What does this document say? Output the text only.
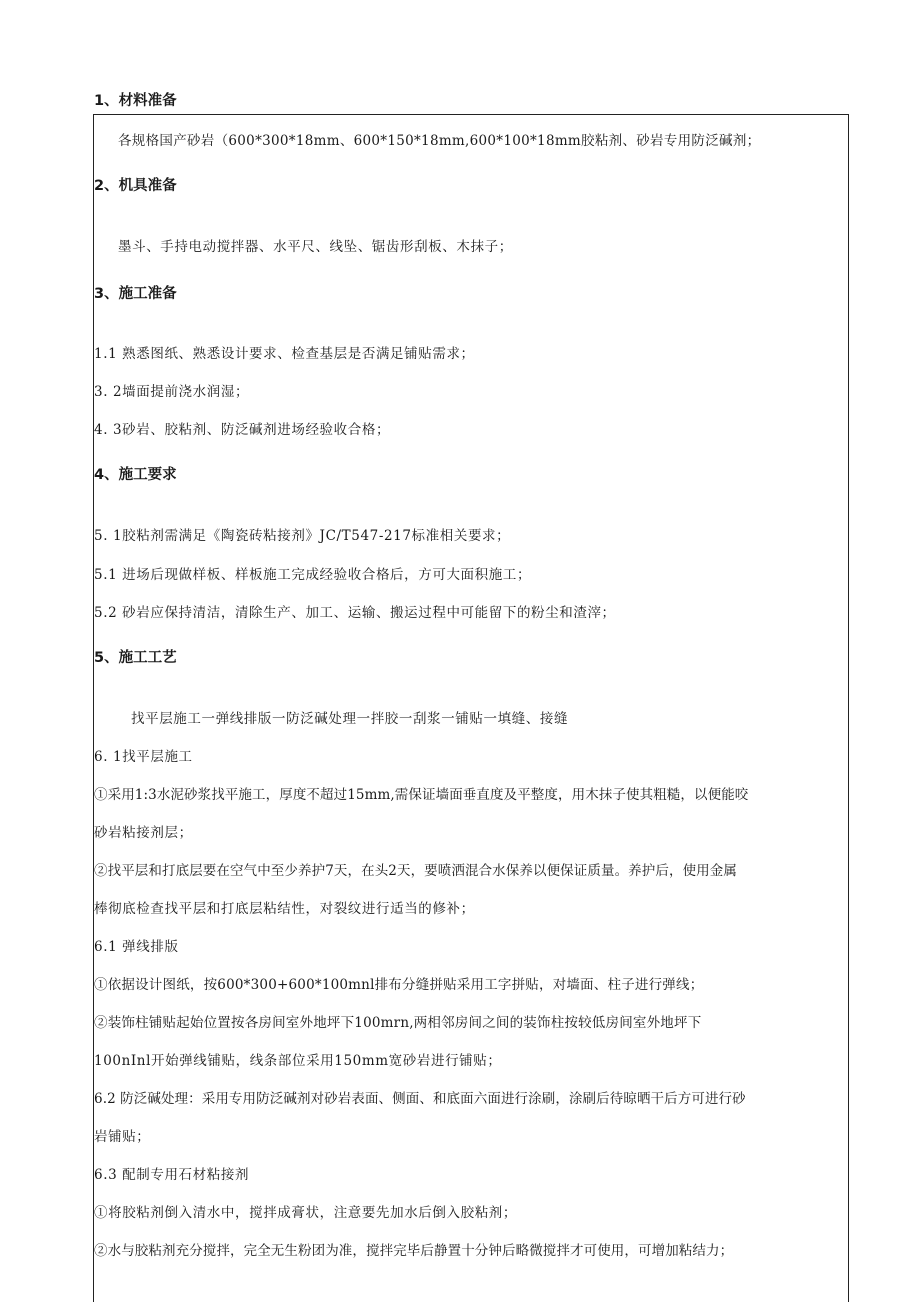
1、材料准备
各规格国产砂岩（600*300*18mm、600*150*18mm,600*100*18mm胶粘剂、砂岩专用防泛碱剂；
2、机具准备
墨斗、手持电动搅拌器、水平尺、线坠、锯齿形刮板、木抹子；
3、施工准备
1.1 熟悉图纸、熟悉设计要求、检查基层是否满足铺贴需求；
3. 2墙面提前浇水润湿；
4. 3砂岩、胶粘剂、防泛碱剂进场经验收合格；
4、施工要求
5. 1胶粘剂需满足《陶瓷砖粘接剂》JC/T547-217标准相关要求；
5.1 进场后现做样板、样板施工完成经验收合格后，方可大面积施工；
5.2 砂岩应保持清洁，清除生产、加工、运输、搬运过程中可能留下的粉尘和渣滓；
5、施工工艺
找平层施工一弹线排版一防泛碱处理一拌胶一刮浆一铺贴一填缝、接缝
6. 1找平层施工
①采用1:3水泥砂浆找平施工，厚度不超过15mm,需保证墙面垂直度及平整度，用木抹子使其粗糙，以便能咬
砂岩粘接剂层；
②找平层和打底层要在空气中至少养护7天，在头2天，要喷洒混合水保养以便保证质量。养护后，使用金属
棒彻底检查找平层和打底层粘结性，对裂纹进行适当的修补；
6.1 弹线排版
①依据设计图纸，按600*300+600*100mnl排布分缝拼贴采用工字拼贴，对墙面、柱子进行弹线；
②装饰柱铺贴起始位置按各房间室外地坪下100mrn,两相邻房间之间的装饰柱按较低房间室外地坪下
100nInl开始弹线铺贴，线条部位采用150mm宽砂岩进行铺贴；
6.2 防泛碱处理：采用专用防泛碱剂对砂岩表面、侧面、和底面六面进行涂刷，涂刷后待晾晒干后方可进行砂
岩铺贴；
6.3 配制专用石材粘接剂
①将胶粘剂倒入清水中，搅拌成膏状，注意要先加水后倒入胶粘剂；
②水与胶粘剂充分搅拌，完全无生粉团为准，搅拌完毕后静置十分钟后略微搅拌才可使用，可增加粘结力；
